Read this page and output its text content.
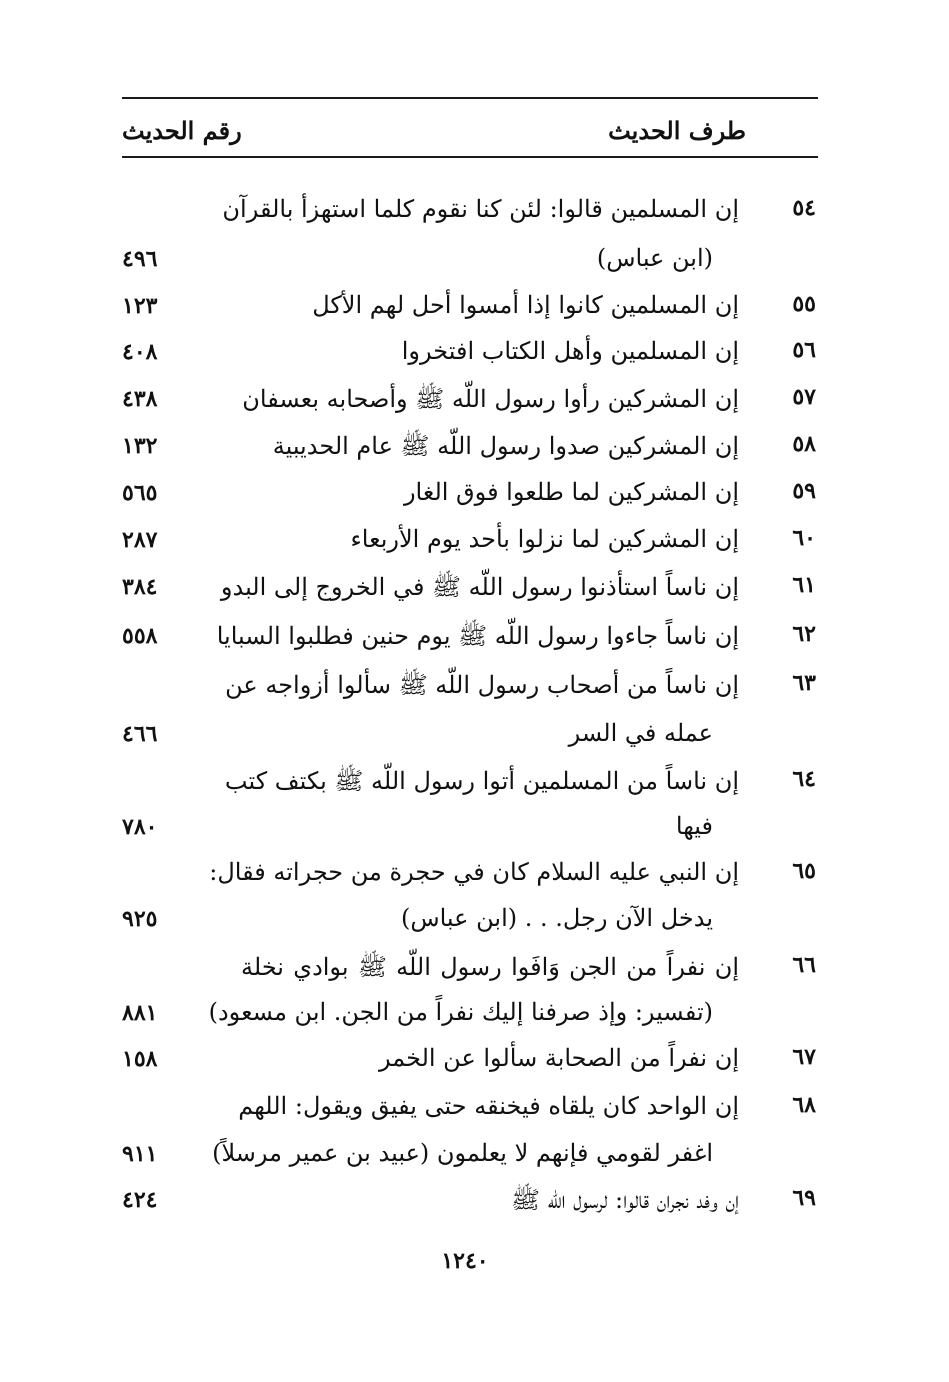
طرف الحديث
رقم الحديث
٥٤
إن المسلمين قالوا: لئن كنا نقوم كلما استهزأ بالقرآن
(ابن عباس)
٤٩٦
٥٥
إن المسلمين كانوا إذا أمسوا أحل لهم الأكل
١٢٣
٥٦
إن المسلمين وأهل الكتاب افتخروا
٤٠٨
٥٧
إن المشركين رأوا رسول اللّه ﷺ وأصحابه بعسفان
٤٣٨
٥٨
إن المشركين صدوا رسول اللّه ﷺ عام الحديبية
١٣٢
٥٩
إن المشركين لما طلعوا فوق الغار
٥٦٥
٦٠
إن المشركين لما نزلوا بأحد يوم الأربعاء
٢٨٧
٦١
إن ناساً استأذنوا رسول اللّه ﷺ في الخروج إلى البدو
٣٨٤
٦٢
إن ناساً جاءوا رسول اللّه ﷺ يوم حنين فطلبوا السبايا
٥٥٨
٦٣
إن ناساً من أصحاب رسول اللّه ﷺ سألوا أزواجه عن
عمله في السر
٤٦٦
٦٤
إن ناساً من المسلمين أتوا رسول اللّه ﷺ بكتف كتب
فيها
٧٨٠
٦٥
إن النبي عليه السلام كان في حجرة من حجراته فقال:
يدخل الآن رجل. . . (ابن عباس)
٩٢٥
٦٦
إن نفراً من الجن وَافَوا رسول اللّه ﷺ بوادي نخلة
(تفسير: وإذ صرفنا إليك نفراً من الجن. ابن مسعود)
٨٨١
٦٧
إن نفراً من الصحابة سألوا عن الخمر
١٥٨
٦٨
إن الواحد كان يلقاه فيخنقه حتى يفيق ويقول: اللهم
اغفر لقومي فإنهم لا يعلمون (عبيد بن عمير مرسلاً)
٩١١
٦٩
إن وفد نجران قالوا: لرسول اللّه ﷺ
٤٢٤
١٢٤٠
